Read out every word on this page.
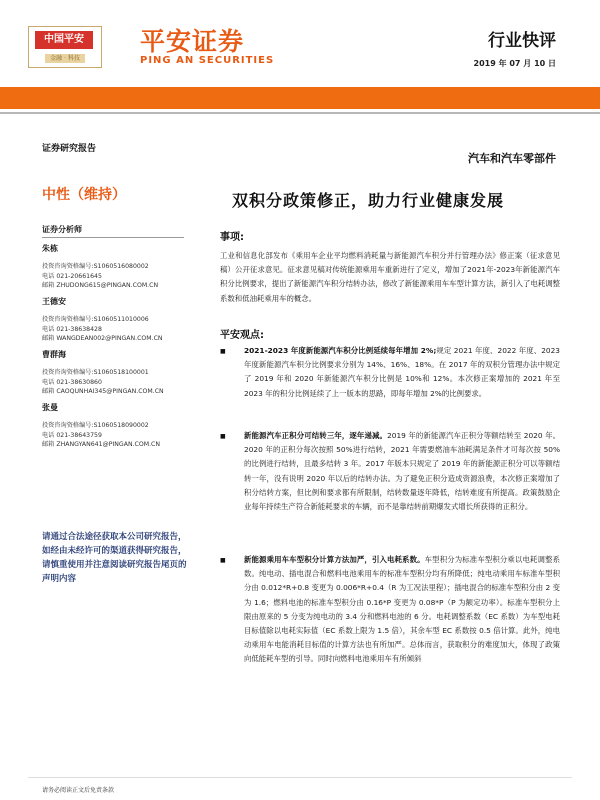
中国平安
金融 · 科技
平安证券
PING AN SECURITIES
行业快评
2019 年 07 月 10 日
证券研究报告
中性（维持）
证券分析师
朱栋
投资咨询资格编号:S1060516080002
电话 021-20661645
邮箱 ZHUDONG615@PINGAN.COM.CN
王德安
投资咨询资格编号:S1060511010006
电话 021-38638428
邮箱 WANGDEAN002@PINGAN.COM.CN
曹群海
投资咨询资格编号:S1060518100001
电话 021-38630860
邮箱 CAOQUNHAI345@PINGAN.COM.CN
张曼
投资咨询资格编号:S1060518090002
电话 021-38643759
邮箱 ZHANGYAN641@PINGAN.COM.CN
请通过合法途径获取本公司研究报告，如经由未经许可的渠道获得研究报告，请慎重使用并注意阅读研究报告尾页的声明内容
汽车和汽车零部件
双积分政策修正，助力行业健康发展
事项:

工业和信息化部发布《乘用车企业平均燃料消耗量与新能源汽车积分并行管理办法》修正案（征求意见稿）公开征求意见。征求意见稿对传统能源乘用车重新进行了定义，增加了2021年-2023年新能源汽车积分比例要求，提出了新能源汽车积分结转办法，修改了新能源乘用车车型计算方法，新引入了电耗调整系数和低油耗乘用车的概念。

平安观点:
■ 2021-2023 年度新能源汽车积分比例延续每年增加 2%;规定 2021 年度、2022 年度、2023 年度新能源汽车积分比例要求分别为 14%、16%、18%。在 2017 年的双积分管理办法中规定了 2019 年和 2020 年新能源汽车积分比例是 10%和 12%。本次修正案增加的 2021 年至 2023 年的积分比例延续了上一版本的思路，即每年增加 2%的比例要求。

■ 新能源汽车正积分可结转三年，逐年递减。2019 年的新能源汽车正积分等额结转至 2020 年。2020 年的正积分每次按照 50%进行结转，2021 年需要燃油车油耗满足条件才可每次按 50%的比例进行结转，且最多结转 3 年。2017 年版本只规定了 2019 年的新能源正积分可以等额结转一年，没有说明 2020 年以后的结转办法。为了避免正积分造成资源浪费，本次修正案增加了积分结转方案，但比例和要求都有所限制，结转数量逐年降低，结转难度有所提高。政策鼓励企业每年持续生产符合新能耗要求的车辆，而不是靠结转前期爆发式增长所获得的正积分。

■ 新能源乘用车车型积分计算方法加严，引入电耗系数。车型积分为标准车型积分乘以电耗调整系数。纯电动、插电混合和燃料电池乘用车的标准车型积分均有所降低；纯电动乘用车标准车型积分由 0.012*R+0.8 变更为 0.006*R+0.4（R 为工况法里程）；插电混合的标准车型积分由 2 变为 1.6；燃料电池的标准车型积分由 0.16*P 变更为 0.08*P（P 为额定功率）。标准车型积分上限由原来的 5 分变为纯电动的 3.4 分和燃料电池的 6 分。电耗调整系数（EC 系数）为车型电耗目标值除以电耗实际值（EC 系数上限为 1.5 倍），其余车型 EC 系数按 0.5 倍计算。此外，纯电动乘用车电能消耗目标值的计算方法也有所加严。总体而言，获取积分的难度加大，体现了政策向低能耗车型的引导。同时向燃料电池乘用车有所倾斜

请务必阅读正文后免责条款
